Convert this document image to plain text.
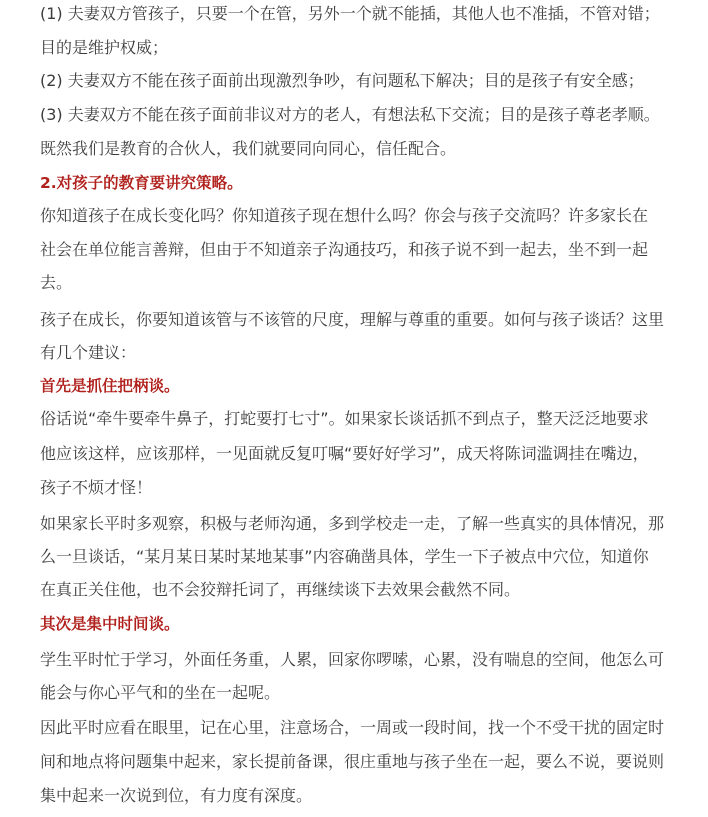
(1) 夫妻双方管孩子，只要一个在管，另外一个就不能插，其他人也不准插，不管对错；
目的是维护权威；
(2) 夫妻双方不能在孩子面前出现激烈争吵，有问题私下解决；目的是孩子有安全感；
(3) 夫妻双方不能在孩子面前非议对方的老人，有想法私下交流；目的是孩子尊老孝顺。
既然我们是教育的合伙人，我们就要同向同心，信任配合。
2.对孩子的教育要讲究策略。
你知道孩子在成长变化吗？你知道孩子现在想什么吗？你会与孩子交流吗？许多家长在
社会在单位能言善辩，但由于不知道亲子沟通技巧，和孩子说不到一起去，坐不到一起
去。
孩子在成长，你要知道该管与不该管的尺度，理解与尊重的重要。如何与孩子谈话？这里
有几个建议：
首先是抓住把柄谈。
俗话说“牵牛要牵牛鼻子，打蛇要打七寸”。如果家长谈话抓不到点子，整天泛泛地要求
他应该这样，应该那样，一见面就反复叮嘱“要好好学习”，成天将陈词滥调挂在嘴边，
孩子不烦才怪！
如果家长平时多观察，积极与老师沟通，多到学校走一走，了解一些真实的具体情况，那
么一旦谈话，“某月某日某时某地某事”内容确凿具体，学生一下子被点中穴位，知道你
在真正关住他，也不会狡辩托词了，再继续谈下去效果会截然不同。
其次是集中时间谈。
学生平时忙于学习，外面任务重，人累，回家你啰嗦，心累，没有喘息的空间，他怎么可
能会与你心平气和的坐在一起呢。
因此平时应看在眼里，记在心里，注意场合，一周或一段时间，找一个不受干扰的固定时
间和地点将问题集中起来，家长提前备课，很庄重地与孩子坐在一起，要么不说，要说则
集中起来一次说到位，有力度有深度。
